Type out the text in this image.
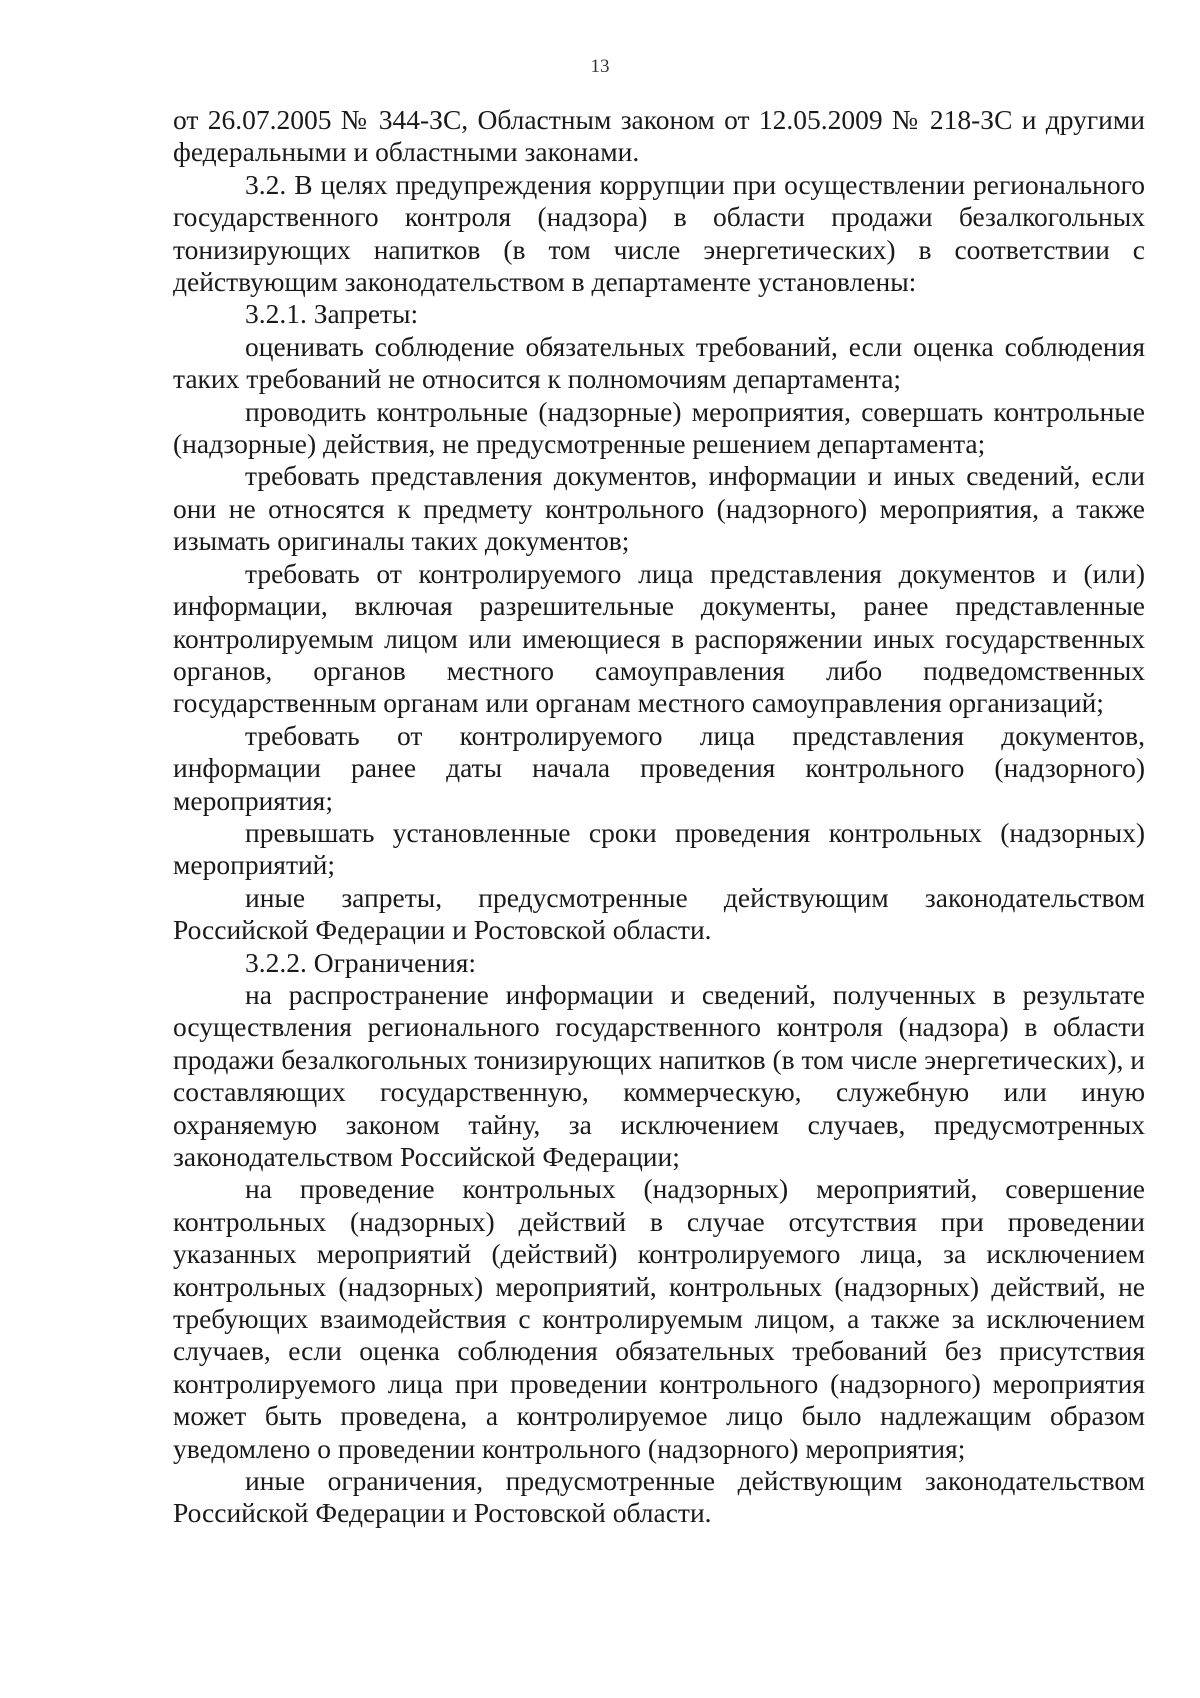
13

от 26.07.2005 № 344-ЗС, Областным законом от 12.05.2009 № 218-ЗС и другими федеральными и областными законами.

3.2. В целях предупреждения коррупции при осуществлении регионального государственного контроля (надзора) в области продажи безалкогольных тонизирующих напитков (в том числе энергетических) в соответствии с действующим законодательством в департаменте установлены:

3.2.1. Запреты:

оценивать соблюдение обязательных требований, если оценка соблюдения таких требований не относится к полномочиям департамента;

проводить контрольные (надзорные) мероприятия, совершать контрольные (надзорные) действия, не предусмотренные решением департамента;

требовать представления документов, информации и иных сведений, если они не относятся к предмету контрольного (надзорного) мероприятия, а также изымать оригиналы таких документов;

требовать от контролируемого лица представления документов и (или) информации, включая разрешительные документы, ранее представленные контролируемым лицом или имеющиеся в распоряжении иных государственных органов, органов местного самоуправления либо подведомственных государственным органам или органам местного самоуправления организаций;

требовать от контролируемого лица представления документов, информации ранее даты начала проведения контрольного (надзорного) мероприятия;

превышать установленные сроки проведения контрольных (надзорных) мероприятий;

иные запреты, предусмотренные действующим законодательством Российской Федерации и Ростовской области.

3.2.2. Ограничения:

на распространение информации и сведений, полученных в результате осуществления регионального государственного контроля (надзора) в области продажи безалкогольных тонизирующих напитков (в том числе энергетических), и составляющих государственную, коммерческую, служебную или иную охраняемую законом тайну, за исключением случаев, предусмотренных законодательством Российской Федерации;

на проведение контрольных (надзорных) мероприятий, совершение контрольных (надзорных) действий в случае отсутствия при проведении указанных мероприятий (действий) контролируемого лица, за исключением контрольных (надзорных) мероприятий, контрольных (надзорных) действий, не требующих взаимодействия с контролируемым лицом, а также за исключением случаев, если оценка соблюдения обязательных требований без присутствия контролируемого лица при проведении контрольного (надзорного) мероприятия может быть проведена, а контролируемое лицо было надлежащим образом уведомлено о проведении контрольного (надзорного) мероприятия;

иные ограничения, предусмотренные действующим законодательством Российской Федерации и Ростовской области.
